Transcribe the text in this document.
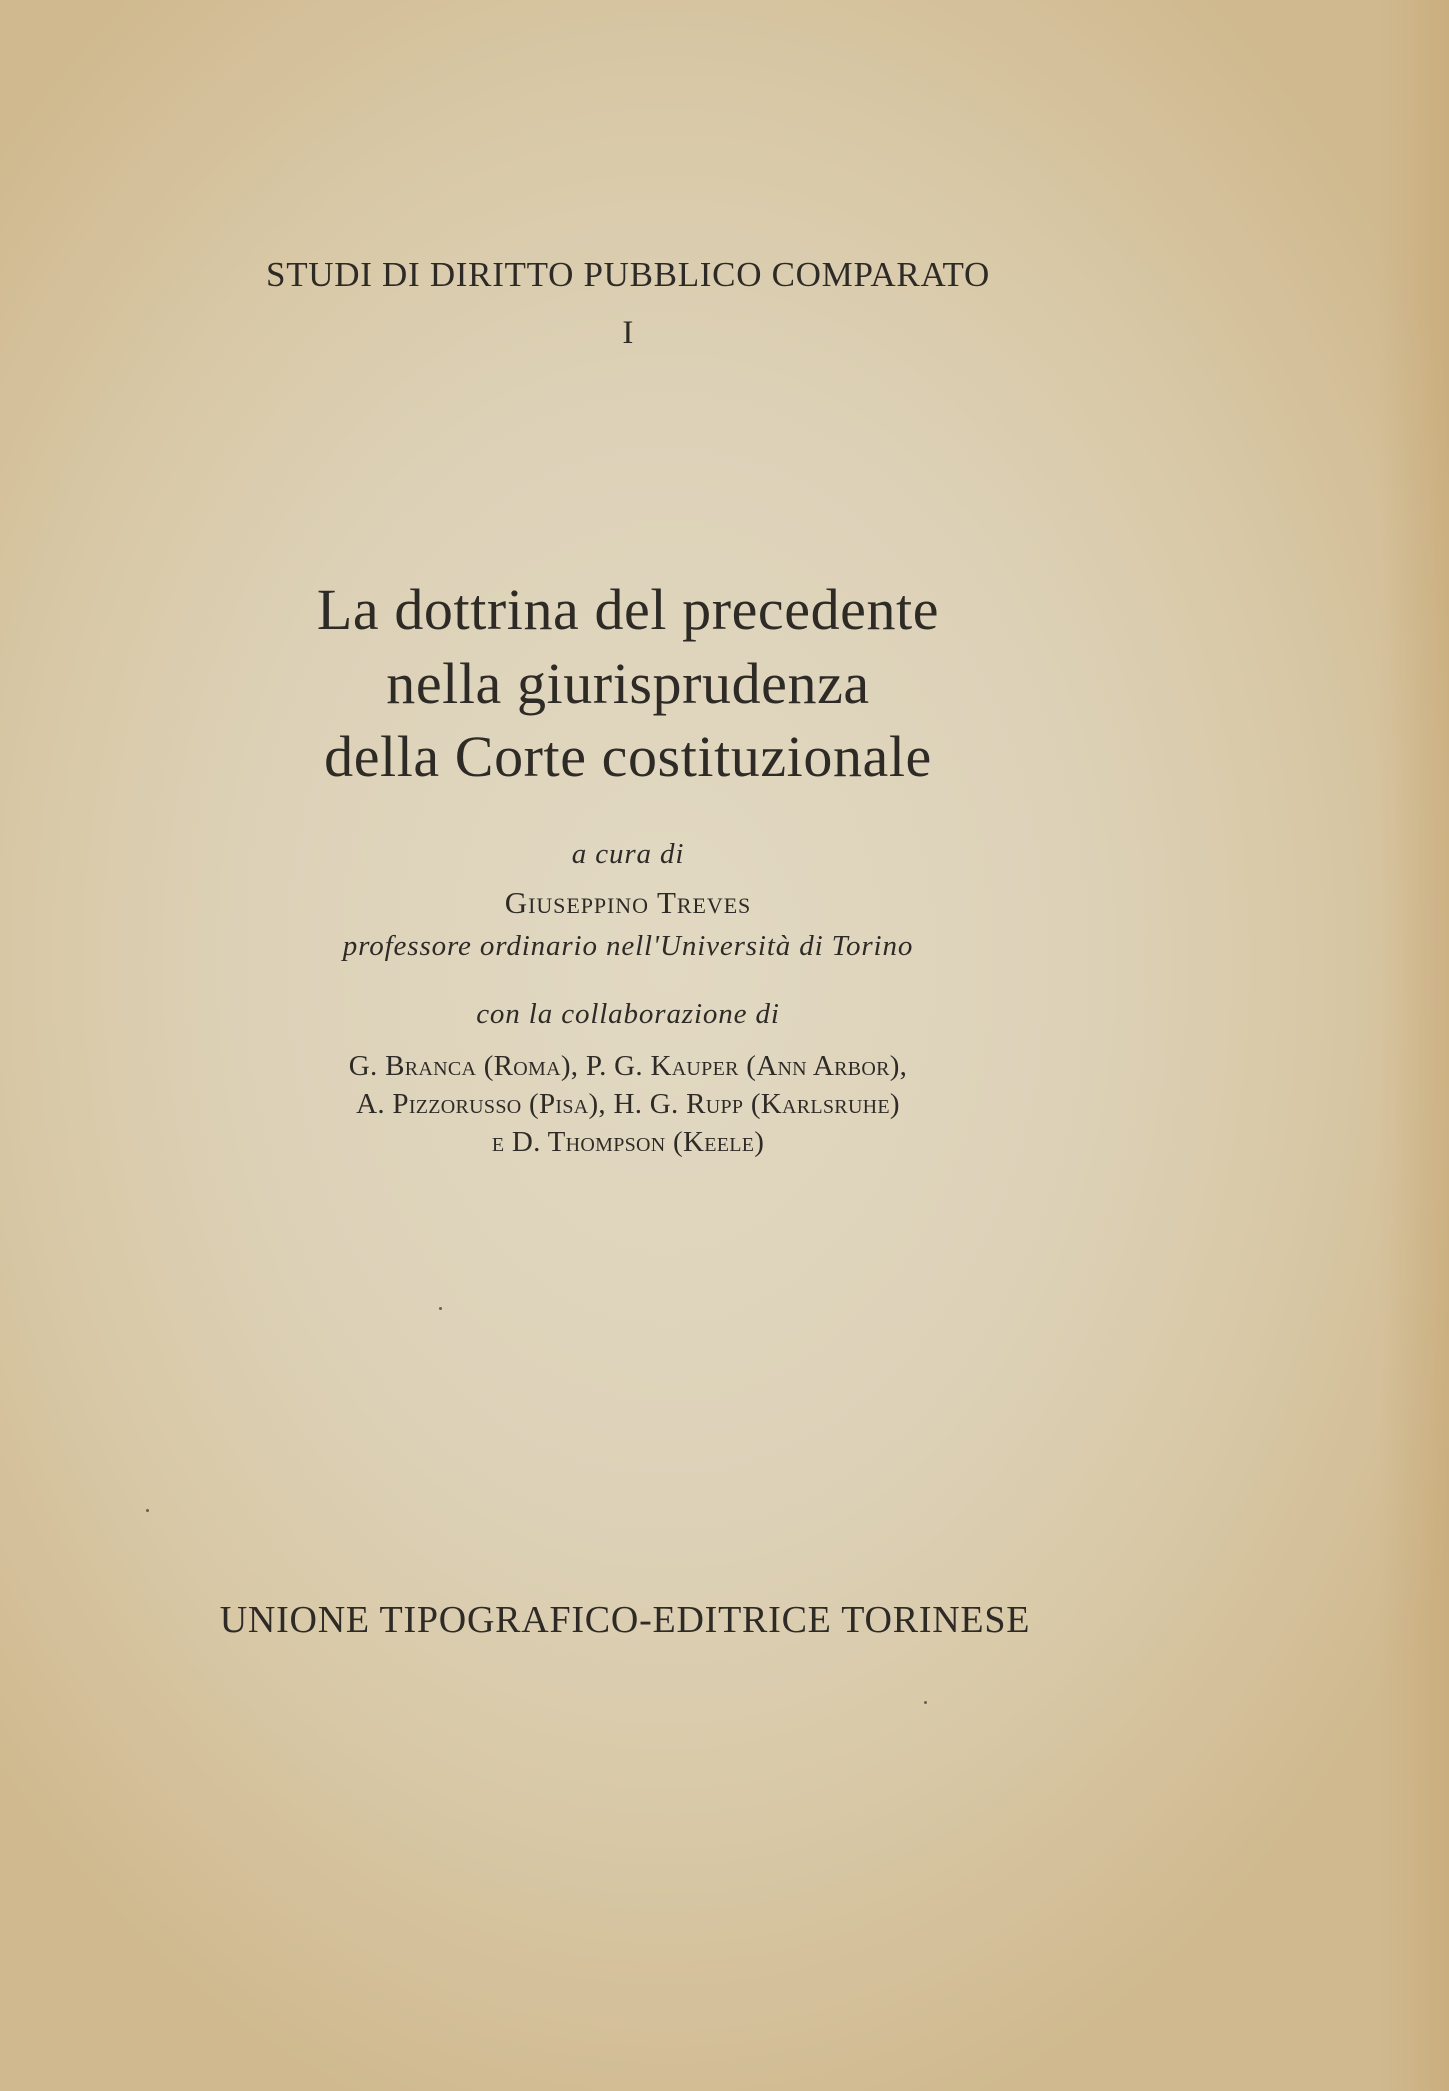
STUDI DI DIRITTO PUBBLICO COMPARATO
I
La dottrina del precedente
nella giurisprudenza
della Corte costituzionale
a cura di
Giuseppino Treves
professore ordinario nell'Università di Torino
con la collaborazione di
G. Branca (Roma), P. G. Kauper (Ann Arbor),
A. Pizzorusso (Pisa), H. G. Rupp (Karlsruhe)
e D. Thompson (Keele)
UNIONE TIPOGRAFICO-EDITRICE TORINESE
